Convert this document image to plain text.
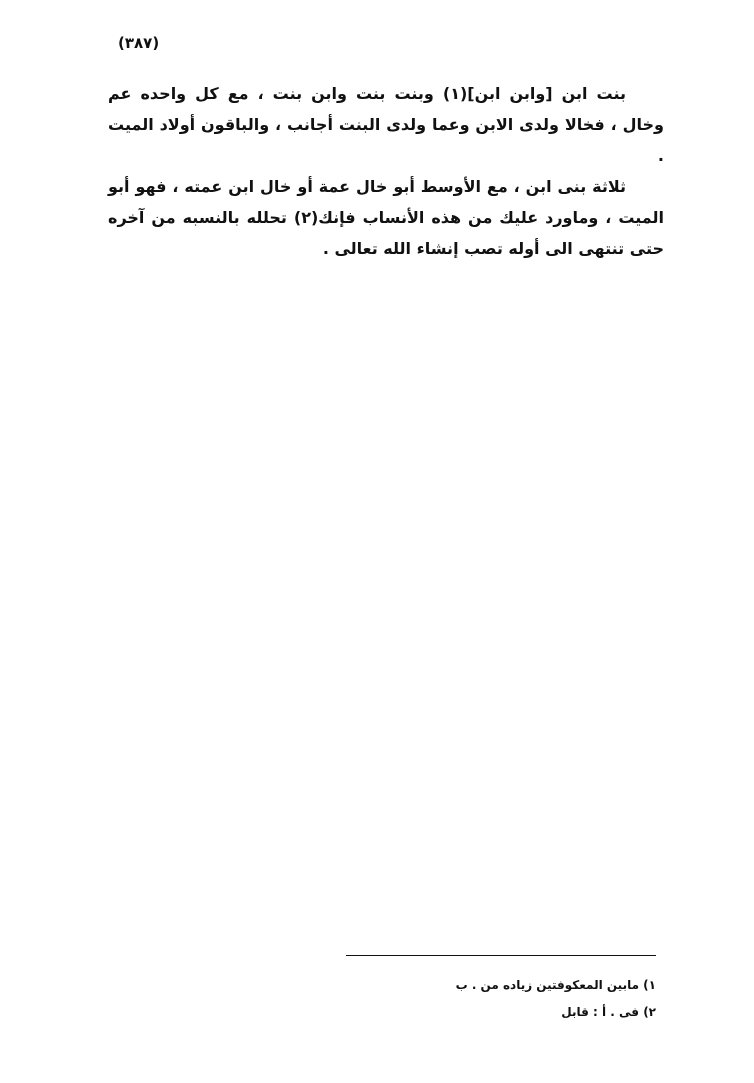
(٣٨٧)

بنت ابن [وابن ابن](١) وبنت بنت وابن بنت ، مع كل واحده عم وخال ، فخالا ولدى الابن وعما ولدى البنت أجانب ، والباقون أولاد الميت .

ثلاثة بنى ابن ، مع الأوسط أبو خال عمة أو خال ابن عمته ، فهو أبو الميت ، وماورد عليك من هذه الأنساب فإنك(٢) تحلله بالنسبه من آخره حتى تنتهى الى أوله تصب إنشاء الله تعالى .

١) مابين المعكوفتين زياده من . ب
٢) فى . أ : قابل
